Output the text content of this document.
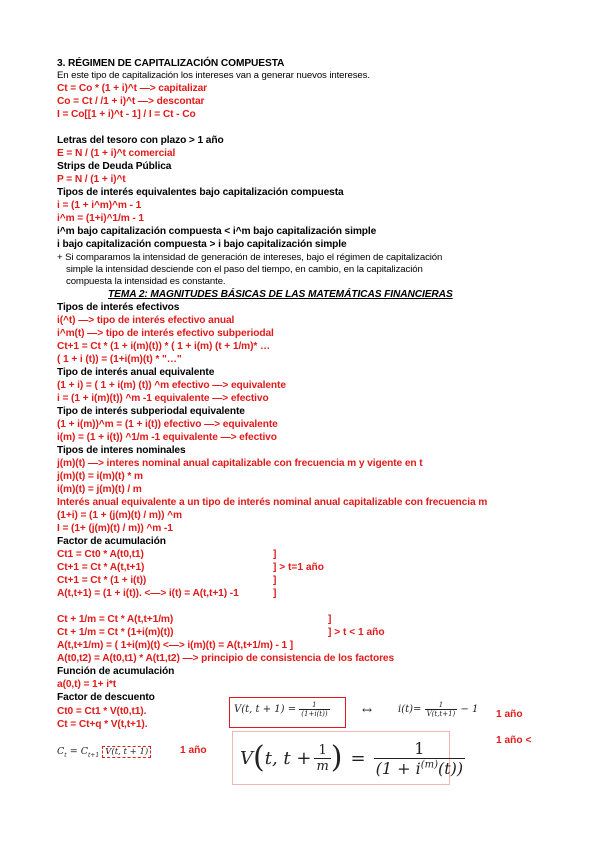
3. RÉGIMEN DE CAPITALIZACIÓN COMPUESTA
En este tipo de capitalización los intereses van a generar nuevos intereses.
Ct = Co * (1 + i)^t —> capitalizar
Co = Ct / /1 + i)^t —> descontar
I = Co[[1 + i)^t - 1] / I = Ct - Co
Letras del tesoro con plazo > 1 año
E = N / (1 + i)^t comercial
Strips de Deuda Pública
P = N / (1 + i)^t
Tipos de interés equivalentes bajo capitalización compuesta
i = (1 + i^m)^m - 1
i^m = (1+i)^1/m - 1
i^m bajo capitalización compuesta < i^m bajo capitalización simple
i bajo capitalización compuesta > i bajo capitalización simple
+ Si comparamos la intensidad de generación de intereses, bajo el régimen de capitalización
simple la intensidad desciende con el paso del tiempo, en cambio, en la capitalización
compuesta la intensidad es constante.
TEMA 2: MAGNITUDES BÁSICAS DE LAS MATEMÁTICAS FINANCIERAS
Tipos de interés efectivos
i(^t) —> tipo de interés efectivo anual
i^m(t) —> tipo de interés efectivo subperiodal
Ct+1 = Ct * (1 + i(m)(t)) * ( 1 + i(m) (t + 1/m)* …
( 1 + i (t)) = (1+i(m)(t) * "…"
Tipo de interés anual equivalente
(1 + i) = ( 1 + i(m) (t)) ^m efectivo —> equivalente
i = (1 + i(m)(t)) ^m -1 equivalente —> efectivo
Tipo de interés subperiodal equivalente
(1 + i(m))^m = (1 + i(t)) efectivo —> equivalente
i(m) = (1 + i(t)) ^1/m -1 equivalente —> efectivo
Tipos de interes nominales
j(m)(t) —> interes nominal anual capitalizable con frecuencia m y vigente en t
j(m)(t) = i(m)(t) * m
i(m)(t) = j(m)(t) / m
Interés anual equivalente a un tipo de interés nominal anual capitalizable con frecuencia m
(1+i) = (1 + (j(m)(t) / m)) ^m
I = (1+ (j(m)(t) / m)) ^m -1
Factor de acumulación
Ct1 = Ct0 * A(t0,t1)
Ct+1 = Ct * A(t,t+1)
Ct+1 = Ct * (1 + i(t))
A(t,t+1) = (1 + i(t)). <—> i(t) = A(t,t+1) -1
Ct + 1/m = Ct * A(t,t+1/m)
Ct + 1/m = Ct * (1+i(m)(t))
A(t,t+1/m) = ( 1+i(m)(t) <—> i(m)(t) = A(t,t+1/m) - 1 ]
A(t0,t2) = A(t0,t1) * A(t1,t2) —> principio de consistencia de los factores
Función de acumulación
a(0,t) = 1+ i*t
Factor de descuento
Ct0 = Ct1 * V(t0,t1).
Ct = Ct+q * V(t,t+1).
]
] > t=1 año
]
]
]
] > t < 1 año
1 año
1 año <
1 año
V(t, $t + 1) = \frac{1}{(1+i(t))}$	↔	$i(t)= \frac{1}{V(t,t+1)} - 1$
V ( t, $t + \frac{1}{m}$ ) = $\frac{1}{(1 + i^{(m)}(t))}$
$C_t = C_{t+1}$ V(t, t + 1)
